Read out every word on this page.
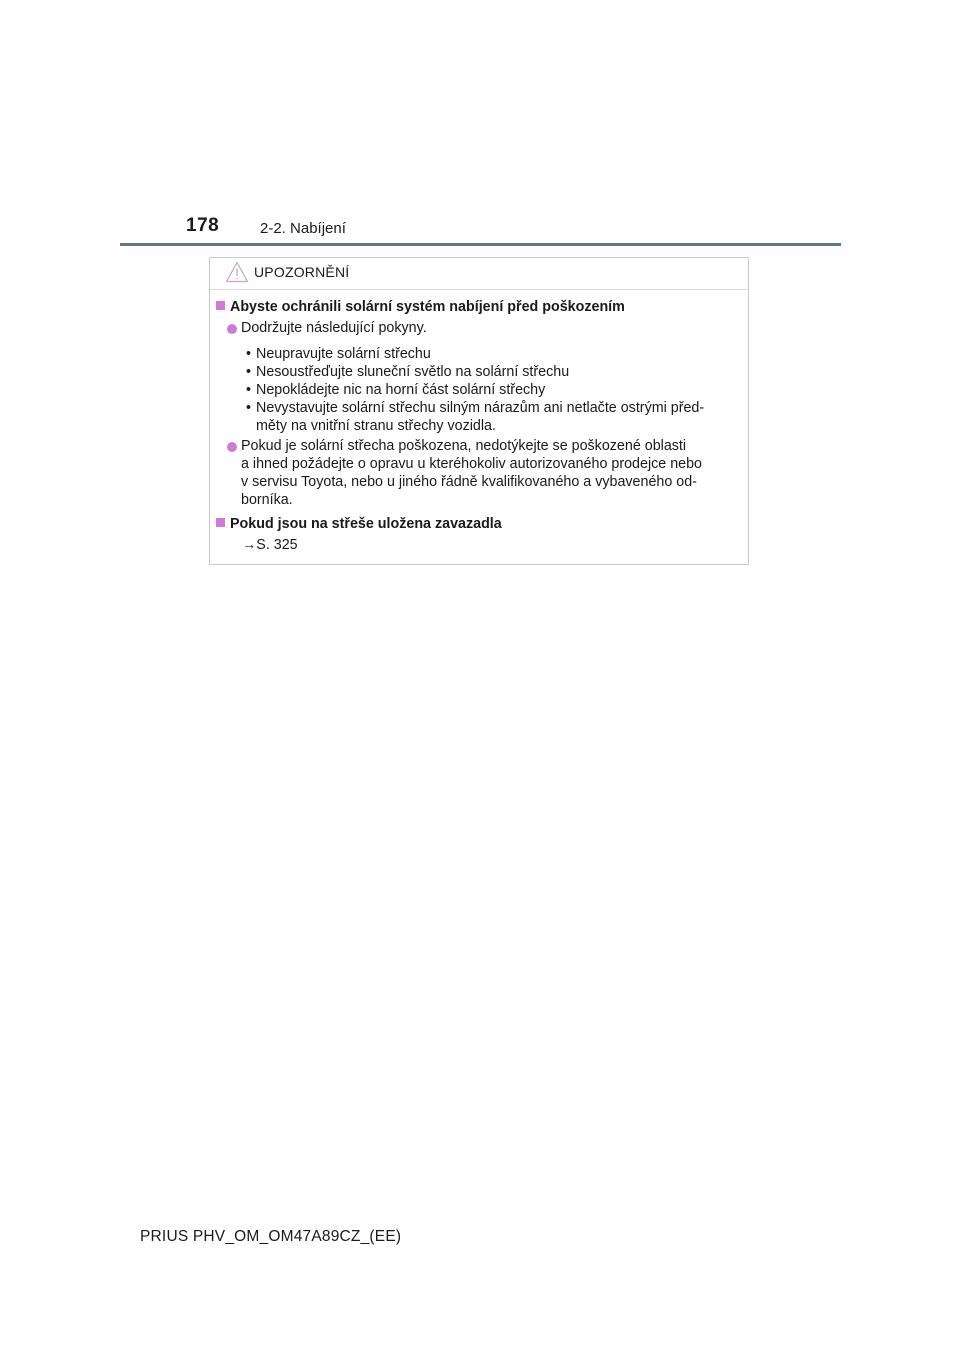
178	2-2. Nabíjení
UPOZORNĚNÍ
Abyste ochránili solární systém nabíjení před poškozením
Dodržujte následující pokyny.
• Neupravujte solární střechu
• Nesoustřeďujte sluneční světlo na solární střechu
• Nepokládejte nic na horní část solární střechy
• Nevystavujte solární střechu silným nárazům ani netlačte ostrými před-
měty na vnitřní stranu střechy vozidla.
Pokud je solární střecha poškozena, nedotýkejte se poškozené oblasti
a ihned požádejte o opravu u kteréhokoliv autorizovaného prodejce nebo
v servisu Toyota, nebo u jiného řádně kvalifikovaného a vybaveného od-
borníka.
Pokud jsou na střeše uložena zavazadla
→S. 325
PRIUS PHV_OM_OM47A89CZ_(EE)
